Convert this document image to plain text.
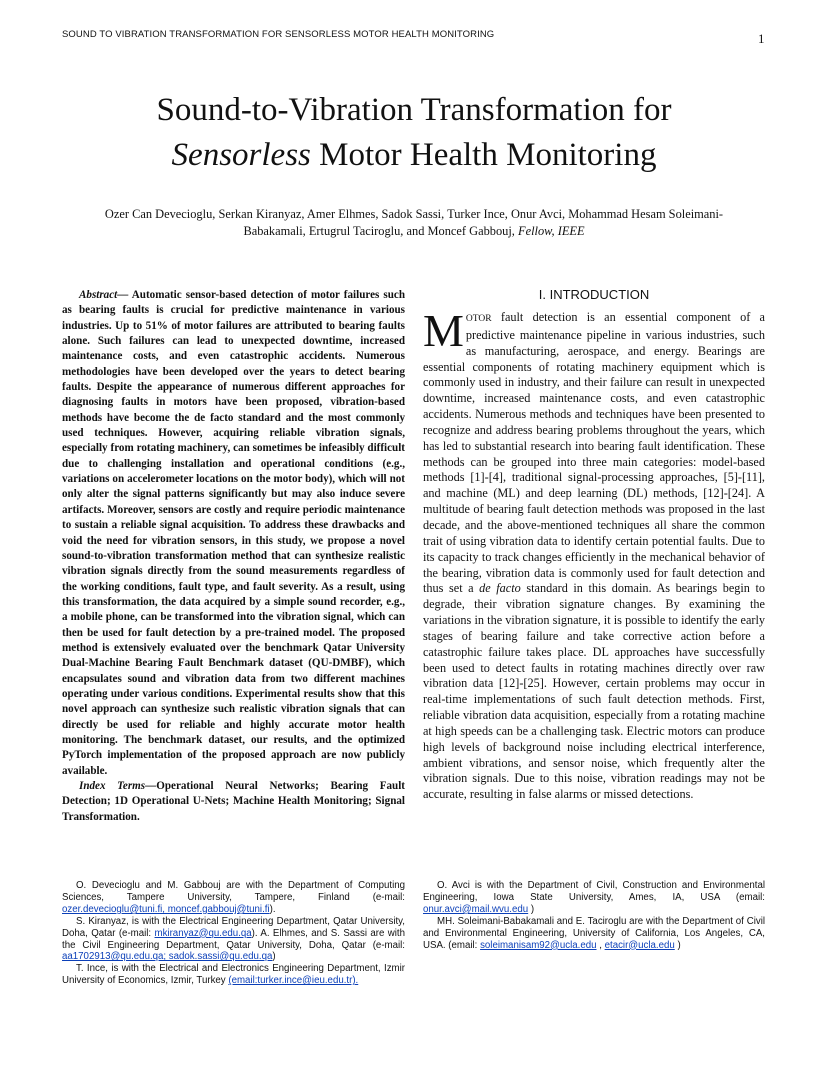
SOUND TO VIBRATION TRANSFORMATION FOR SENSORLESS MOTOR HEALTH MONITORING	1
Sound-to-Vibration Transformation for
Sensorless Motor Health Monitoring
Ozer Can Devecioglu, Serkan Kiranyaz, Amer Elhmes, Sadok Sassi, Turker Ince, Onur Avci, Mohammad Hesam Soleimani-Babakamali, Ertugrul Taciroglu, and Moncef Gabbouj, Fellow, IEEE

Abstract— Automatic sensor-based detection of motor failures such as bearing faults is crucial for predictive maintenance in various industries. Up to 51% of motor failures are attributed to bearing faults alone. Such failures can lead to unexpected downtime, increased maintenance costs, and even catastrophic accidents. Numerous methodologies have been developed over the years to detect bearing faults. Despite the appearance of numerous different approaches for diagnosing faults in motors have been proposed, vibration-based methods have become the de facto standard and the most commonly used techniques. However, acquiring reliable vibration signals, especially from rotating machinery, can sometimes be infeasibly difficult due to challenging installation and operational conditions (e.g., variations on accelerometer locations on the motor body), which will not only alter the signal patterns significantly but may also induce severe artifacts. Moreover, sensors are costly and require periodic maintenance to sustain a reliable signal acquisition. To address these drawbacks and void the need for vibration sensors, in this study, we propose a novel sound-to-vibration transformation method that can synthesize realistic vibration signals directly from the sound measurements regardless of the working conditions, fault type, and fault severity. As a result, using this transformation, the data acquired by a simple sound recorder, e.g., a mobile phone, can be transformed into the vibration signal, which can then be used for fault detection by a pre-trained model. The proposed method is extensively evaluated over the benchmark Qatar University Dual-Machine Bearing Fault Benchmark dataset (QU-DMBF), which encapsulates sound and vibration data from two different machines operating under various conditions. Experimental results show that this novel approach can synthesize such realistic vibration signals that can directly be used for reliable and highly accurate motor health monitoring. The benchmark dataset, our results, and the optimized PyTorch implementation of the proposed approach are now publicly available.

Index Terms—Operational Neural Networks; Bearing Fault Detection; 1D Operational U-Nets; Machine Health Monitoring; Signal Transformation.

I. INTRODUCTION

MOTOR fault detection is an essential component of a predictive maintenance pipeline in various industries, such as manufacturing, aerospace, and energy. Bearings are essential components of rotating machinery equipment which is commonly used in industry, and their failure can result in unexpected downtime, increased maintenance costs, and even catastrophic accidents. Numerous methods and techniques have been presented to recognize and address bearing problems throughout the years, which has led to substantial research into bearing fault identification. These methods can be grouped into three main categories: model-based methods [1]-[4], traditional signal-processing approaches, [5]-[11], and machine (ML) and deep learning (DL) methods, [12]-[24]. A multitude of bearing fault detection methods was proposed in the last decade, and the above-mentioned techniques all share the common trait of using vibration data to identify certain potential faults. Due to its capacity to track changes efficiently in the mechanical behavior of the bearing, vibration data is commonly used for fault detection and thus set a de facto standard in this domain. As bearings begin to degrade, their vibration signature changes. By examining the variations in the vibration signature, it is possible to identify the early stages of bearing failure and take corrective action before a catastrophic failure takes place. DL approaches have successfully been used to detect faults in rotating machines directly over raw vibration data [12]-[25]. However, certain problems may occur in real-time implementations of such fault detection methods. First, reliable vibration data acquisition, especially from a rotating machine at high speeds can be a challenging task. Electric motors can produce high levels of background noise including electrical interference, ambient vibrations, and sensor noise, which frequently alter the vibration signals. Due to this noise, vibration readings may not be accurate, resulting in false alarms or missed detections.

O. Devecioglu and M. Gabbouj are with the Department of Computing Sciences, Tampere University, Tampere, Finland (e-mail: ozer.devecioglu@tuni.fi, moncef.gabbouj@tuni.fi).

S. Kiranyaz, is with the Electrical Engineering Department, Qatar University, Doha, Qatar (e-mail: mkiranyaz@qu.edu.qa). A. Elhmes, and S. Sassi are with the Civil Engineering Department, Qatar University, Doha, Qatar (e-mail: aa1702913@qu.edu.qa; sadok.sassi@qu.edu.qa)

T. Ince, is with the Electrical and Electronics Engineering Department, Izmir University of Economics, Izmir, Turkey (email:turker.ince@ieu.edu.tr).

O. Avci is with the Department of Civil, Construction and Environmental Engineering, Iowa State University, Ames, IA, USA (email: onur.avci@mail.wvu.edu )

MH. Soleimani-Babakamali and E. Taciroglu are with the Department of Civil and Environmental Engineering, University of California, Los Angeles, CA, USA. (email: soleimanisam92@ucla.edu , etacir@ucla.edu )
